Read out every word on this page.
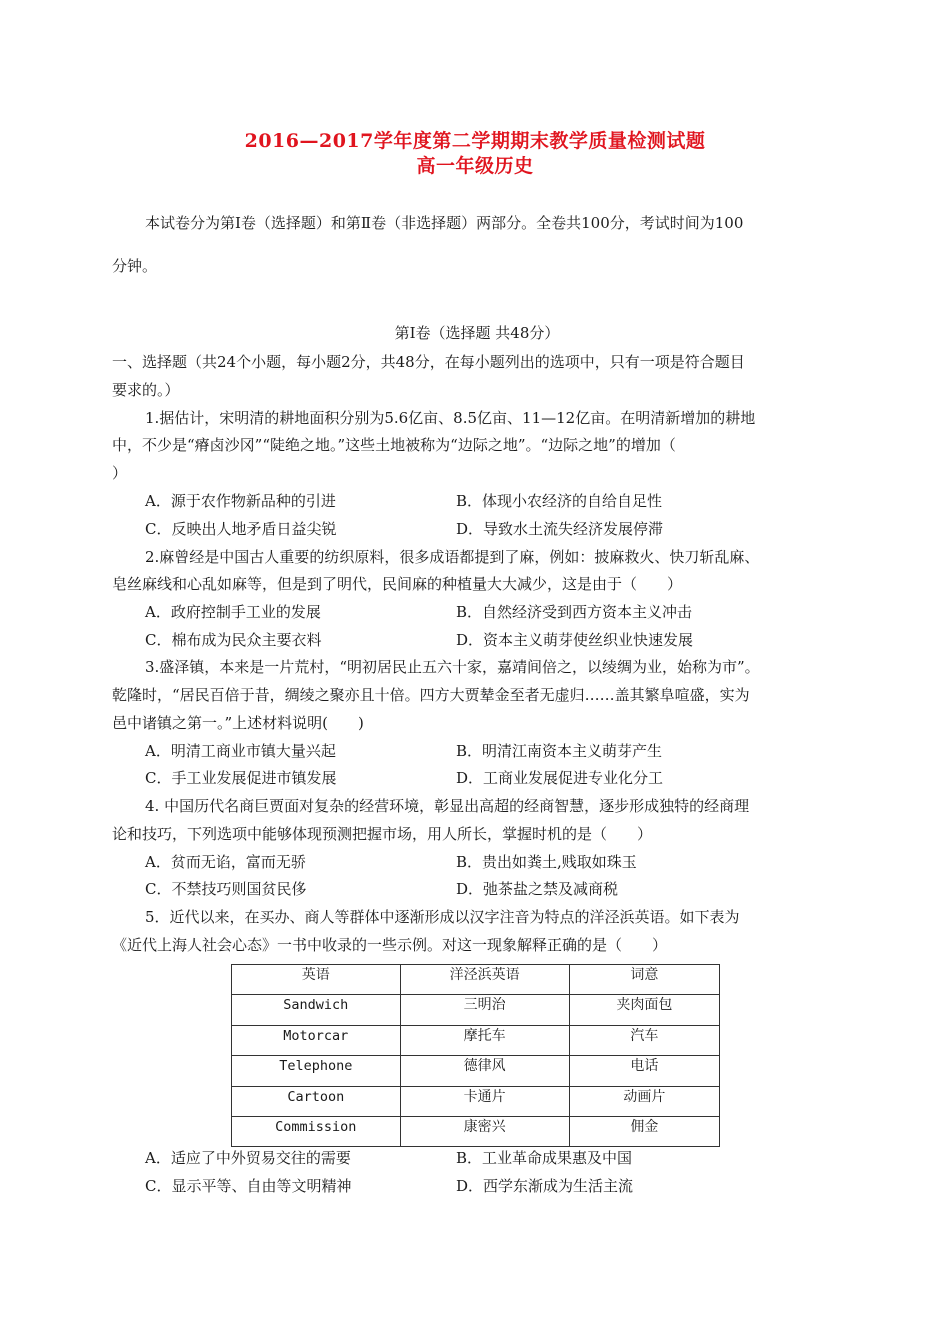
2016—2017学年度第二学期期末教学质量检测试题
高一年级历史
本试卷分为第Ⅰ卷（选择题）和第Ⅱ卷（非选择题）两部分。全卷共100分，考试时间为100
分钟。
第Ⅰ卷（选择题 共48分）
一、选择题（共24个小题，每小题2分，共48分，在每小题列出的选项中，只有一项是符合题目
要求的。）
1.据估计，宋明清的耕地面积分别为5.6亿亩、8.5亿亩、11—12亿亩。在明清新增加的耕地
中，不少是“瘠卤沙冈”“陡绝之地。”这些土地被称为“边际之地”。“边际之地”的增加（
）
A．源于农作物新品种的引进	B．体现小农经济的自给自足性
C．反映出人地矛盾日益尖锐	D．导致水土流失经济发展停滞
2.麻曾经是中国古人重要的纺织原料，很多成语都提到了麻，例如：披麻救火、快刀斩乱麻、
皂丝麻线和心乱如麻等，但是到了明代，民间麻的种植量大大减少，这是由于（　　）
A．政府控制手工业的发展	B．自然经济受到西方资本主义冲击
C．棉布成为民众主要衣料	D．资本主义萌芽使丝织业快速发展
3.盛泽镇，本来是一片荒村，“明初居民止五六十家，嘉靖间倍之，以绫绸为业，始称为市”。
乾隆时，“居民百倍于昔，绸绫之聚亦且十倍。四方大贾辇金至者无虚归……盖其繁阜喧盛，实为
邑中诸镇之第一。”上述材料说明(　　)
A．明清工商业市镇大量兴起	B．明清江南资本主义萌芽产生
C．手工业发展促进市镇发展	D．工商业发展促进专业化分工
4. 中国历代名商巨贾面对复杂的经营环境，彰显出高超的经商智慧，逐步形成独特的经商理
论和技巧，下列选项中能够体现预测把握市场，用人所长，掌握时机的是（　　）
A．贫而无谄，富而无骄	B．贵出如粪土,贱取如珠玉
C．不禁技巧则国贫民侈	D．弛茶盐之禁及减商税
5．近代以来，在买办、商人等群体中逐渐形成以汉字注音为特点的洋泾浜英语。如下表为
《近代上海人社会心态》一书中收录的一些示例。对这一现象解释正确的是（　　）
英语	洋泾浜英语	词意
Sandwich	三明治	夹肉面包
Motorcar	摩托车	汽车
Telephone	德律风	电话
Cartoon	卡通片	动画片
Commission	康密兴	佣金
A．适应了中外贸易交往的需要	B．工业革命成果惠及中国
C．显示平等、自由等文明精神	D．西学东渐成为生活主流
